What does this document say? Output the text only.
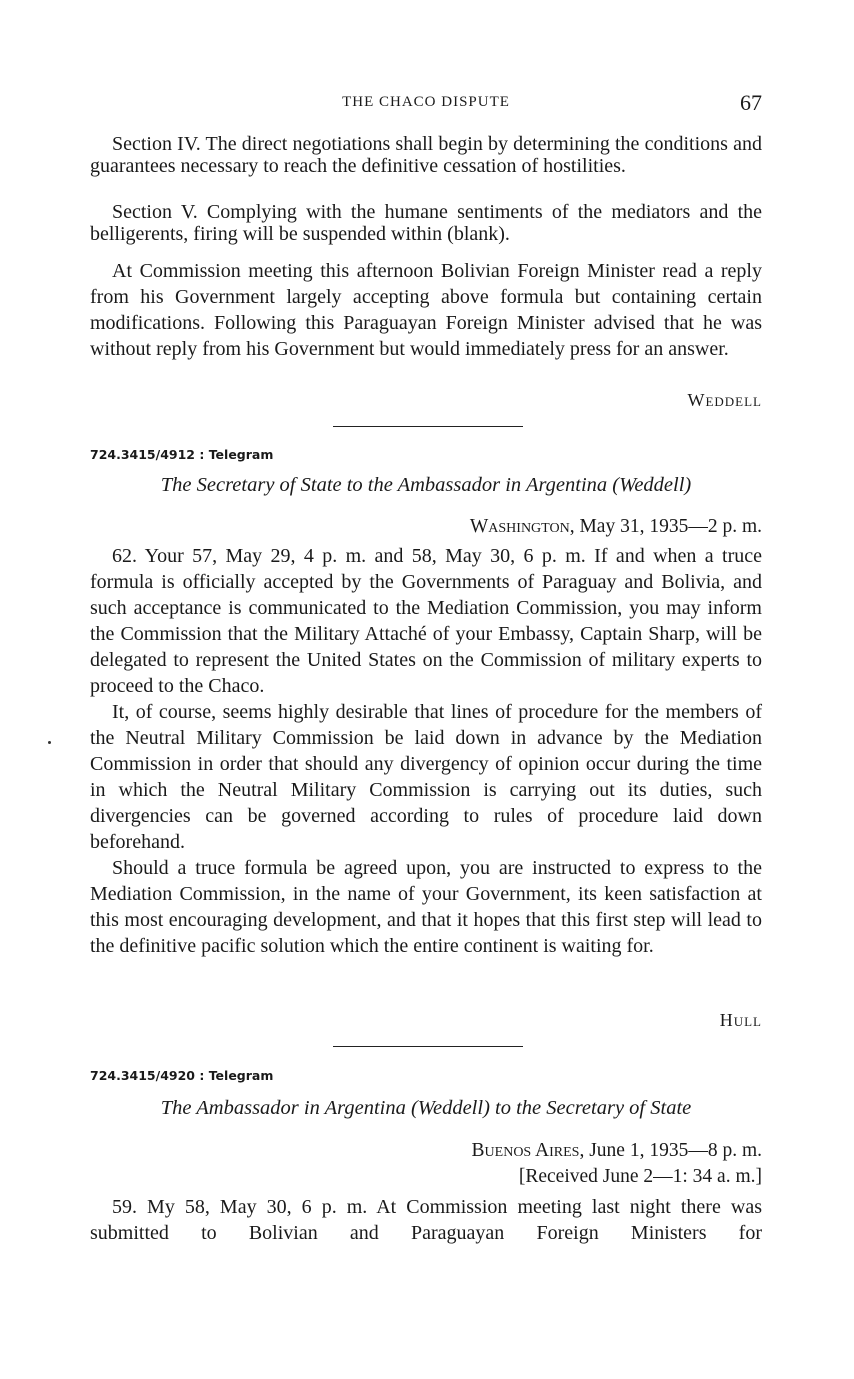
THE CHACO DISPUTE	67

Section IV. The direct negotiations shall begin by determining the conditions and guarantees necessary to reach the definitive cessation of hostilities.

Section V. Complying with the humane sentiments of the mediators and the belligerents, firing will be suspended within (blank).

At Commission meeting this afternoon Bolivian Foreign Minister read a reply from his Government largely accepting above formula but containing certain modifications. Following this Paraguayan Foreign Minister advised that he was without reply from his Government but would immediately press for an answer.

Weddell
724.3415/4912 : Telegram
The Secretary of State to the Ambassador in Argentina (Weddell)
Washington, May 31, 1935—2 p. m.

62. Your 57, May 29, 4 p. m. and 58, May 30, 6 p. m. If and when a truce formula is officially accepted by the Governments of Paraguay and Bolivia, and such acceptance is communicated to the Mediation Commission, you may inform the Commission that the Military Attaché of your Embassy, Captain Sharp, will be delegated to represent the United States on the Commission of military experts to proceed to the Chaco.

It, of course, seems highly desirable that lines of procedure for the members of the Neutral Military Commission be laid down in advance by the Mediation Commission in order that should any divergency of opinion occur during the time in which the Neutral Military Commission is carrying out its duties, such divergencies can be governed according to rules of procedure laid down beforehand.

Should a truce formula be agreed upon, you are instructed to express to the Mediation Commission, in the name of your Government, its keen satisfaction at this most encouraging development, and that it hopes that this first step will lead to the definitive pacific solution which the entire continent is waiting for.

Hull
724.3415/4920 : Telegram
The Ambassador in Argentina (Weddell) to the Secretary of State
Buenos Aires, June 1, 1935—8 p. m.
[Received June 2—1: 34 a. m.]

59. My 58, May 30, 6 p. m. At Commission meeting last night there was submitted to Bolivian and Paraguayan Foreign Ministers for
